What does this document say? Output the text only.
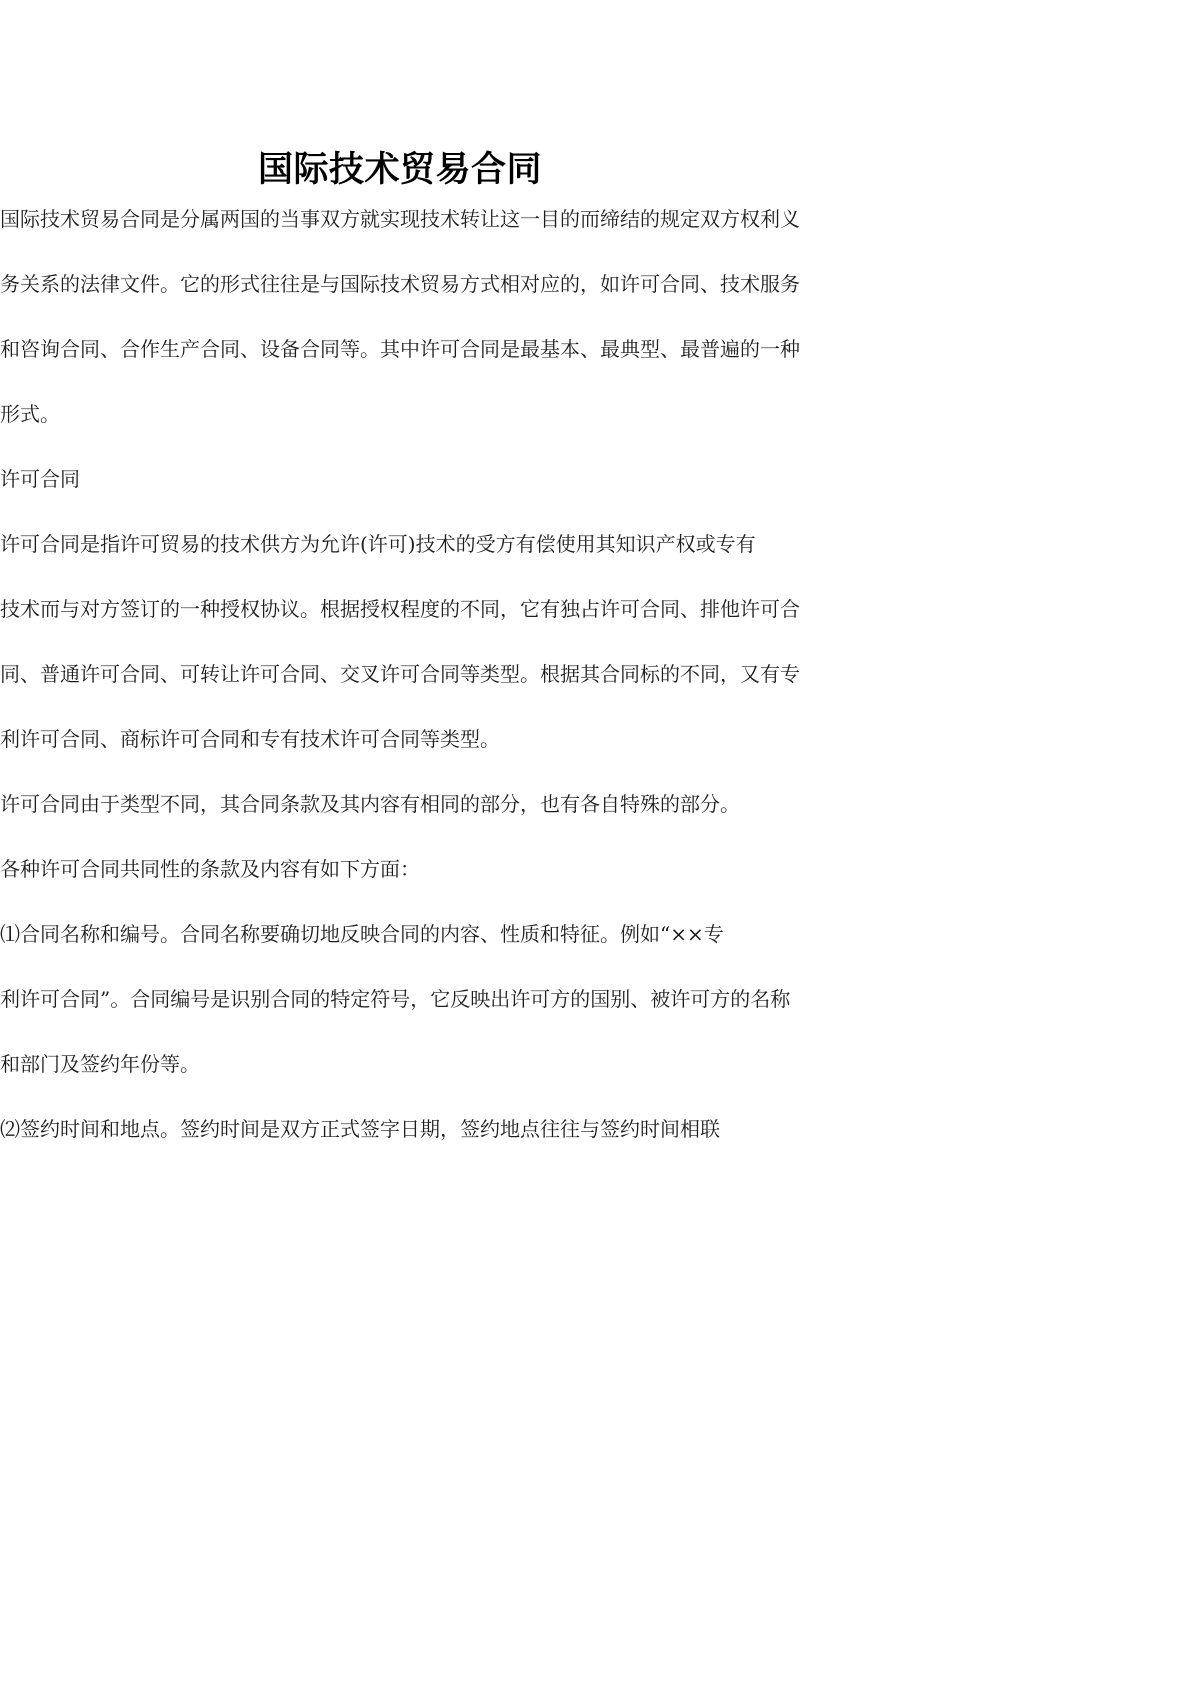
国际技术贸易合同

国际技术贸易合同是分属两国的当事双方就实现技术转让这一目的而缔结的规定双方权利义

务关系的法律文件。它的形式往往是与国际技术贸易方式相对应的，如许可合同、技术服务

和咨询合同、合作生产合同、设备合同等。其中许可合同是最基本、最典型、最普遍的一种

形式。

许可合同

许可合同是指许可贸易的技术供方为允许(许可)技术的受方有偿使用其知识产权或专有

技术而与对方签订的一种授权协议。根据授权程度的不同，它有独占许可合同、排他许可合

同、普通许可合同、可转让许可合同、交叉许可合同等类型。根据其合同标的不同，又有专

利许可合同、商标许可合同和专有技术许可合同等类型。

许可合同由于类型不同，其合同条款及其内容有相同的部分，也有各自特殊的部分。

各种许可合同共同性的条款及内容有如下方面：

⑴合同名称和编号。合同名称要确切地反映合同的内容、性质和特征。例如“××专

利许可合同”。合同编号是识别合同的特定符号，它反映出许可方的国别、被许可方的名称

和部门及签约年份等。

⑵签约时间和地点。签约时间是双方正式签字日期，签约地点往往与签约时间相联
